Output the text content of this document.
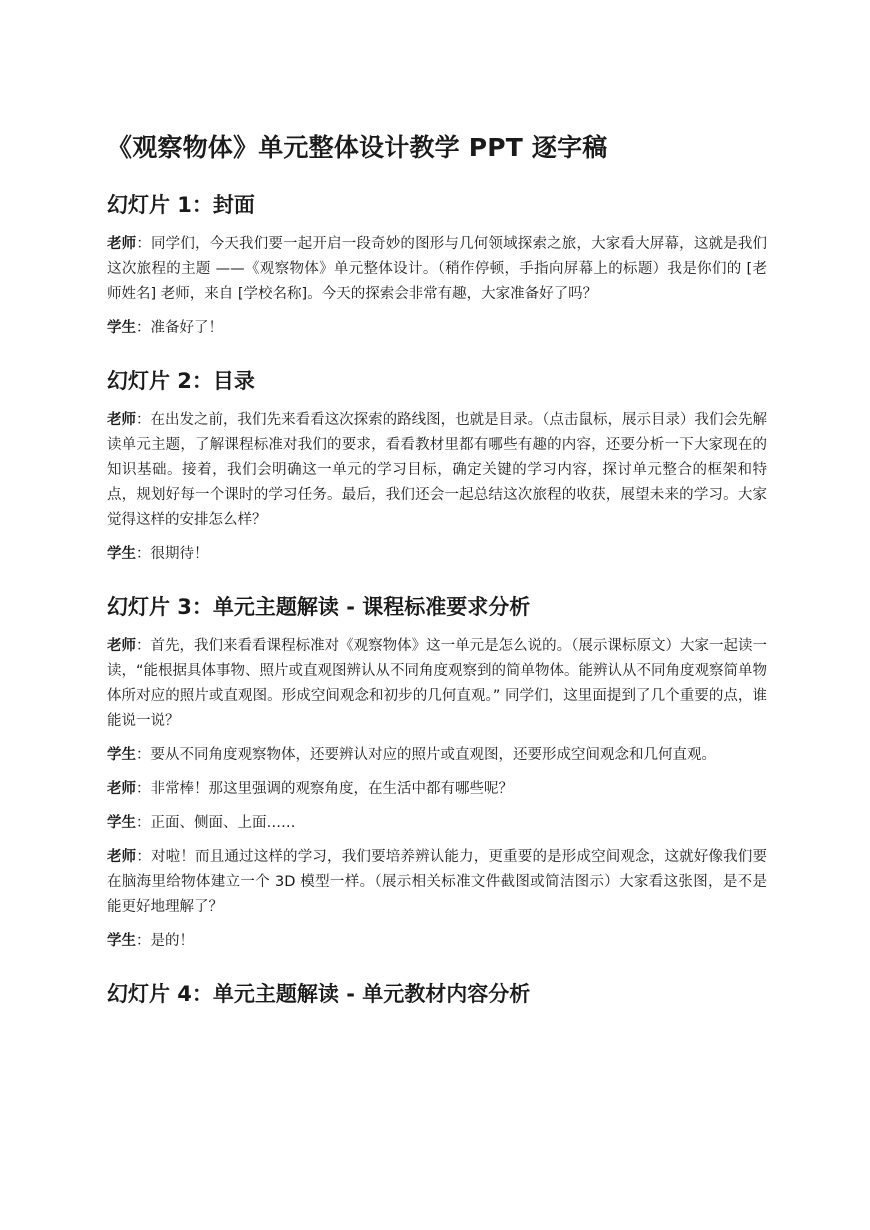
《观察物体》单元整体设计教学 PPT 逐字稿
幻灯片 1：封面

老师：同学们，今天我们要一起开启一段奇妙的图形与几何领域探索之旅，大家看大屏幕，这就是我们这次旅程的主题 ——《观察物体》单元整体设计。（稍作停顿，手指向屏幕上的标题）我是你们的 [老师姓名] 老师，来自 [学校名称]。今天的探索会非常有趣，大家准备好了吗？

学生：准备好了！

幻灯片 2：目录

老师：在出发之前，我们先来看看这次探索的路线图，也就是目录。（点击鼠标，展示目录）我们会先解读单元主题，了解课程标准对我们的要求，看看教材里都有哪些有趣的内容，还要分析一下大家现在的知识基础。接着，我们会明确这一单元的学习目标，确定关键的学习内容，探讨单元整合的框架和特点，规划好每一个课时的学习任务。最后，我们还会一起总结这次旅程的收获，展望未来的学习。大家觉得这样的安排怎么样？

学生：很期待！

幻灯片 3：单元主题解读 - 课程标准要求分析

老师：首先，我们来看看课程标准对《观察物体》这一单元是怎么说的。（展示课标原文）大家一起读一读，“能根据具体事物、照片或直观图辨认从不同角度观察到的简单物体。能辨认从不同角度观察简单物体所对应的照片或直观图。形成空间观念和初步的几何直观。” 同学们，这里面提到了几个重要的点，谁能说一说？

学生：要从不同角度观察物体，还要辨认对应的照片或直观图，还要形成空间观念和几何直观。

老师：非常棒！那这里强调的观察角度，在生活中都有哪些呢？

学生：正面、侧面、上面……

老师：对啦！而且通过这样的学习，我们要培养辨认能力，更重要的是形成空间观念，这就好像我们要在脑海里给物体建立一个 3D 模型一样。（展示相关标准文件截图或简洁图示）大家看这张图，是不是能更好地理解了？

学生：是的！

幻灯片 4：单元主题解读 - 单元教材内容分析
